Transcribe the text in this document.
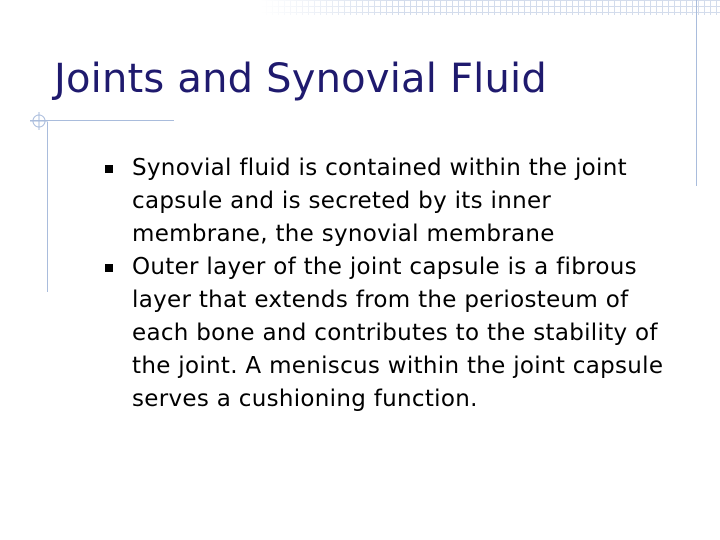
Joints and Synovial Fluid
Synovial fluid is contained within the joint capsule and is secreted by its inner membrane, the synovial membrane
Outer layer of the joint capsule is a fibrous layer that extends from the periosteum of each bone and contributes to the stability of the joint. A meniscus within the joint capsule serves a cushioning function.
